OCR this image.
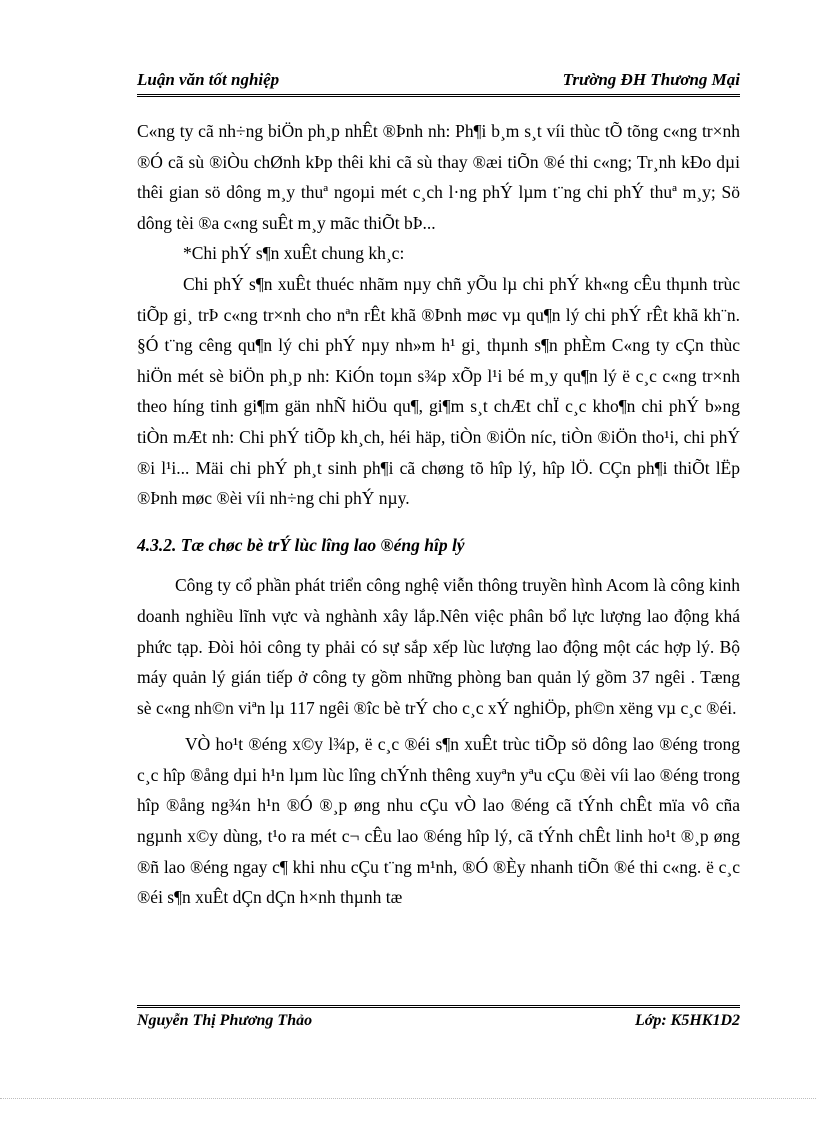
Luận văn tốt nghiệp	Trường ĐH Thương Mại

C«ng ty cã nh÷ng biÖn ph¸p nhÊt ®Þnh nh: Ph¶i b¸m s¸t víi thùc tÕ tõng c«ng tr×nh ®Ó cã sù ®iÒu chØnh kÞp thêi khi cã sù thay ®æi tiÕn ®é thi c«ng; Tr¸nh kÐo dµi thêi gian sö dông m¸y thuª ngoµi mét c¸ch l·ng phÝ lµm t¨ng chi phÝ thuª m¸y; Sö dông tèi ®a c«ng suÊt m¸y mãc thiÕt bÞ...

*Chi phÝ s¶n xuÊt chung kh¸c:

Chi phÝ s¶n xuÊt thuéc nhãm nµy chñ yÕu lµ chi phÝ kh«ng cÊu thµnh trùc tiÕp gi¸ trÞ c«ng tr×nh cho nªn rÊt khã ®Þnh møc vµ qu¶n lý chi phÝ rÊt khã kh¨n. §Ó t¨ng cêng qu¶n lý chi phÝ nµy nh»m h¹ gi¸ thµnh s¶n phÈm C«ng ty cÇn thùc hiÖn mét sè biÖn ph¸p nh: KiÓn toµn s¾p xÕp l¹i bé m¸y qu¶n lý ë c¸c c«ng tr×nh theo híng tinh gi¶m gän nhÑ hiÖu qu¶, gi¶m s¸t chÆt chÏ c¸c kho¶n chi phÝ b»ng tiÒn mÆt nh: Chi phÝ tiÕp kh¸ch, héi häp, tiÒn ®iÖn níc, tiÒn ®iÖn tho¹i, chi phÝ ®i l¹i... Mäi chi phÝ ph¸t sinh ph¶i cã chøng tõ hîp lý, hîp lÖ. CÇn ph¶i thiÕt lËp ®Þnh møc ®èi víi nh÷ng chi phÝ nµy.

4.3.2. Tæ chøc bè trÝ lùc lîng lao ®éng hîp lý

Công ty cổ phần phát triển công nghệ viễn thông truyền hình Acom là công kinh doanh nghiều lĩnh vực và nghành xây lắp.Nên việc phân bổ lực lượng lao động khá phức tạp. Đòi hỏi công ty phải có sự sắp xếp lùc lượng lao động một các hợp lý. Bộ máy quản lý gián tiếp ở công ty gồm những phòng ban quản lý gồm 37 ngêi . Tæng sè c«ng nh©n viªn lµ 117 ngêi ®îc bè trÝ cho c¸c xÝ nghiÖp, ph©n xëng vµ c¸c ®éi.

VÒ ho¹t ®éng x©y l¾p, ë c¸c ®éi s¶n xuÊt trùc tiÕp sö dông lao ®éng trong c¸c hîp ®ång dµi h¹n lµm lùc lîng chÝnh thêng xuyªn yªu cÇu ®èi víi lao ®éng trong hîp ®ång ng¾n h¹n ®Ó ®¸p øng nhu cÇu vÒ lao ®éng cã tÝnh chÊt mïa vô cña ngµnh x©y dùng, t¹o ra mét c¬ cÊu lao ®éng hîp lý, cã tÝnh chÊt linh ho¹t ®¸p øng ®ñ lao ®éng ngay c¶ khi nhu cÇu t¨ng m¹nh, ®Ó ®Èy nhanh tiÕn ®é thi c«ng. ë c¸c ®éi s¶n xuÊt dÇn dÇn h×nh thµnh tæ

Nguyễn Thị Phương Thảo	Lớp: K5HK1D2
